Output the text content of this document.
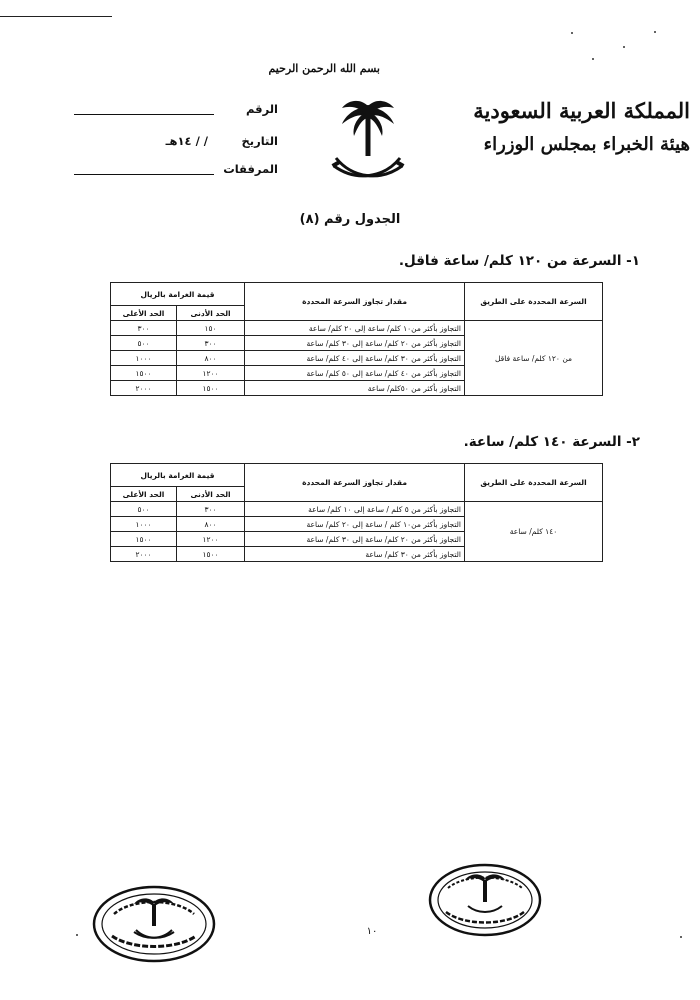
بسم الله الرحمن الرحيم
المملكة العربية السعودية
هيئة الخبراء بمجلس الوزراء
الرقم
التاريخ
/ / ١٤هـ
المرفقات
الجدول رقم (٨)
١- السرعة من ١٢٠ كلم/ ساعة فاقل.
السرعة المحددة على الطريق	مقدار تجاوز السرعة المحددة	قيمة الغرامة بالريال	
		الحد الأدنى	الحد الأعلى
من ١٢٠ كلم/ ساعة فاقل	التجاوز بأكثر من١٠ كلم/ ساعة إلى ٢٠ كلم/ ساعة	١٥٠	٣٠٠
	التجاوز بأكثر من ٢٠ كلم/ ساعة إلى ٣٠ كلم/ ساعة	٣٠٠	٥٠٠
	التجاوز بأكثر من ٣٠ كلم/ ساعة إلى ٤٠ كلم/ ساعة	٨٠٠	١٠٠٠
	التجاوز بأكثر من ٤٠ كلم/ ساعة إلى ٥٠ كلم/ ساعة	١٢٠٠	١٥٠٠
	التجاوز بأكثر من ٥٠كلم/ ساعة	١٥٠٠	٢٠٠٠
٢- السرعة ١٤٠ كلم/ ساعة.
السرعة المحددة على الطريق	مقدار تجاوز السرعة المحددة	قيمة الغرامة بالريال	
		الحد الأدنى	الحد الأعلى
١٤٠ كلم/ ساعة	التجاوز بأكثر من ٥ كلم / ساعة إلى ١٠ كلم/ ساعة	٣٠٠	٥٠٠
	التجاوز بأكثر من١٠ كلم / ساعة إلى ٢٠ كلم/ ساعة	٨٠٠	١٠٠٠
	التجاوز بأكثر من ٢٠ كلم/ ساعة إلى ٣٠ كلم/ ساعة	١٢٠٠	١٥٠٠
	التجاوز بأكثر من ٣٠ كلم/ ساعة	١٥٠٠	٢٠٠٠
١٠
